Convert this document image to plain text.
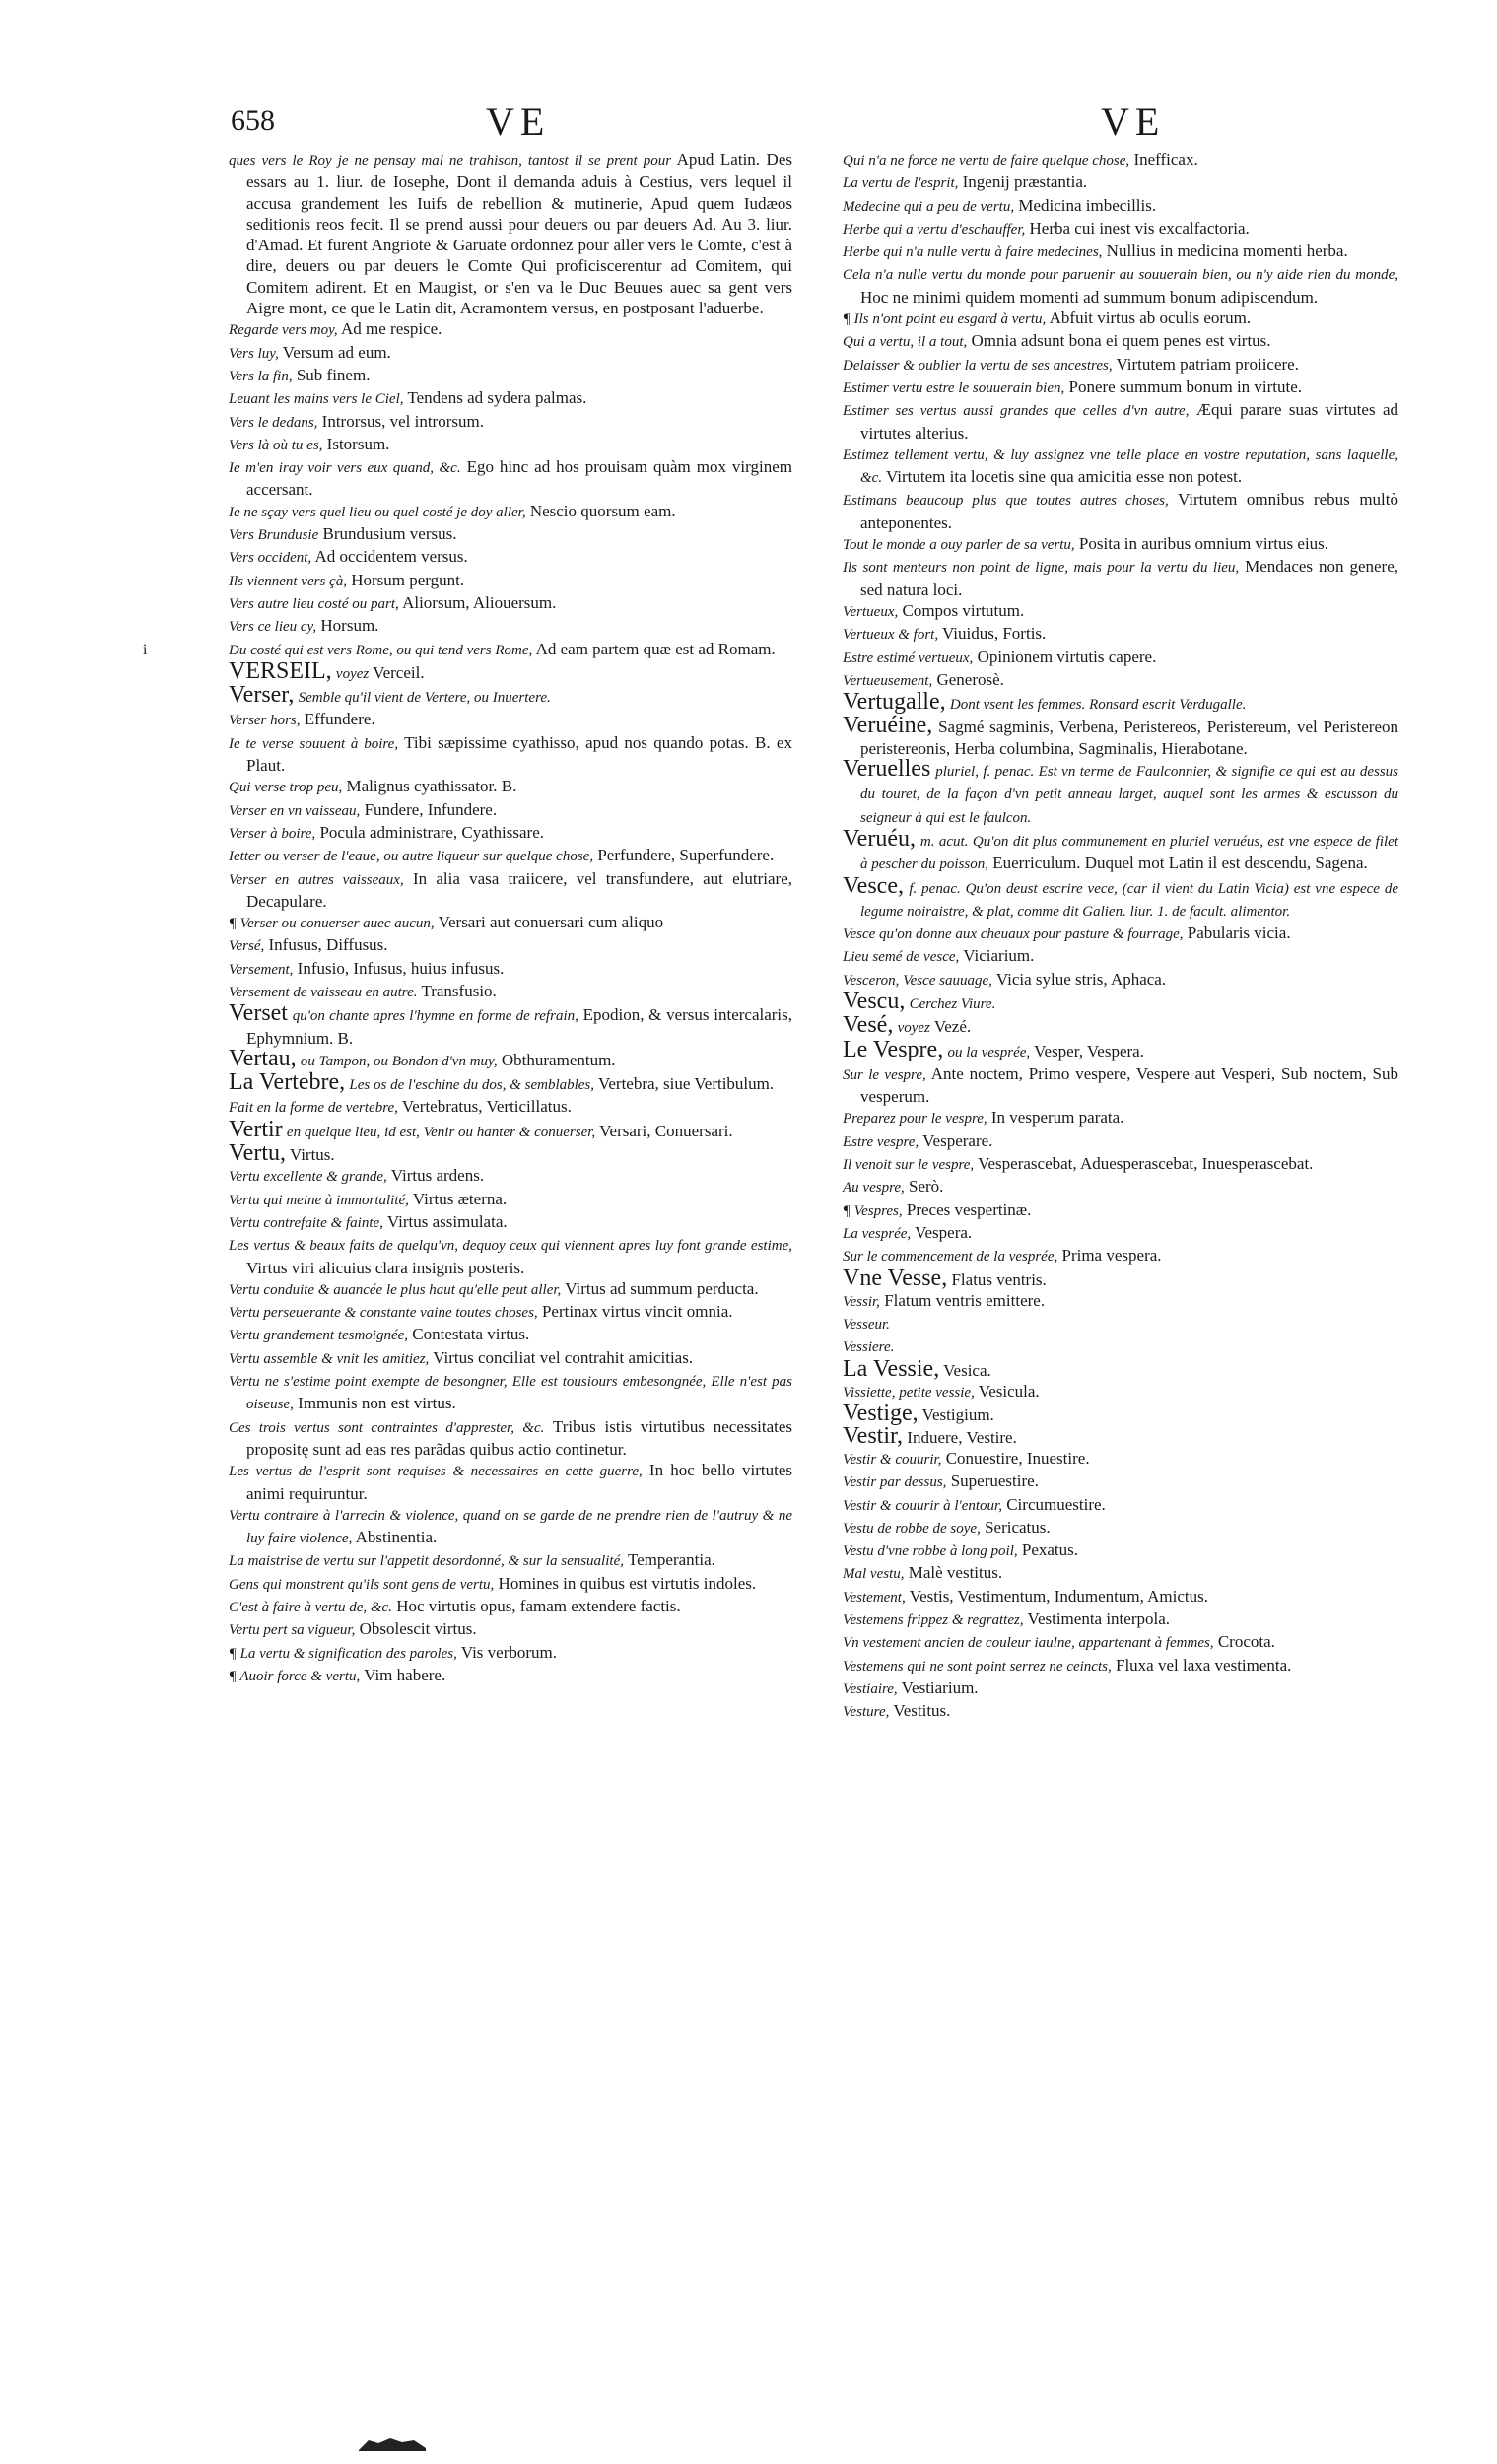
658	VE	VE
i

ques vers le Roy je ne pensay mal ne trahison, tantost il se prent pour Apud Latin. Des essars au 1. liur. de Iosephe, Dont il demanda aduis à Cestius, vers lequel il accusa grandement les Iuifs de rebellion & mutinerie, Apud quem Iudæos seditionis reos fecit. Il se prend aussi pour deuers ou par deuers Ad. Au 3. liur. d'Amad. Et furent Angriote & Garuate ordonnez pour aller vers le Comte, c'est à dire, deuers ou par deuers le Comte Qui proficiscerentur ad Comitem, qui Comitem adirent. Et en Maugist, or s'en va le Duc Beuues auec sa gent vers Aigre mont, ce que le Latin dit, Acramontem versus, en postposant l'aduerbe.

Regarde vers moy, Ad me respice.

Vers luy, Versum ad eum.

Vers la fin, Sub finem.

Leuant les mains vers le Ciel, Tendens ad sydera palmas.

Vers le dedans, Introrsus, vel introrsum.

Vers là où tu es, Istorsum.

Ie m'en iray voir vers eux quand, &c. Ego hinc ad hos prouisam quàm mox virginem accersant.

Ie ne sçay vers quel lieu ou quel costé je doy aller, Nescio quorsum eam.

Vers Brundusie Brundusium versus.

Vers occident, Ad occidentem versus.

Ils viennent vers çà, Horsum pergunt.

Vers autre lieu costé ou part, Aliorsum, Aliouersum.

Vers ce lieu cy, Horsum.

Du costé qui est vers Rome, ou qui tend vers Rome, Ad eam partem quæ est ad Romam.

VERSEIL, voyez Verceil.

Verser, Semble qu'il vient de Vertere, ou Inuertere.

Verser hors, Effundere.

Ie te verse souuent à boire, Tibi sæpissime cyathisso, apud nos quando potas. B. ex Plaut.

Qui verse trop peu, Malignus cyathissator. B.

Verser en vn vaisseau, Fundere, Infundere.

Verser à boire, Pocula administrare, Cyathissare.

Ietter ou verser de l'eaue, ou autre liqueur sur quelque chose, Perfundere, Superfundere.

Verser en autres vaisseaux, In alia vasa traiicere, vel transfundere, aut elutriare, Decapulare.

¶ Verser ou conuerser auec aucun, Versari aut conuersari cum aliquo

Versé, Infusus, Diffusus.

Versement, Infusio, Infusus, huius infusus.

Versement de vaisseau en autre. Transfusio.

Verset qu'on chante apres l'hymne en forme de refrain, Epodion, & versus intercalaris, Ephymnium. B.

Vertau, ou Tampon, ou Bondon d'vn muy, Obthuramentum.

La Vertebre, Les os de l'eschine du dos, & semblables, Vertebra, siue Vertibulum.

Fait en la forme de vertebre, Vertebratus, Verticillatus.

Vertir en quelque lieu, id est, Venir ou hanter & conuerser, Versari, Conuersari.

Vertu, Virtus.

Vertu excellente & grande, Virtus ardens.

Vertu qui meine à immortalité, Virtus æterna.

Vertu contrefaite & fainte, Virtus assimulata.

Les vertus & beaux faits de quelqu'vn, dequoy ceux qui viennent apres luy font grande estime, Virtus viri alicuius clara insignis posteris.

Vertu conduite & auancée le plus haut qu'elle peut aller, Virtus ad summum perducta.

Vertu perseuerante & constante vaine toutes choses, Pertinax virtus vincit omnia.

Vertu grandement tesmoignée, Contestata virtus.

Vertu assemble & vnit les amitiez, Virtus conciliat vel contrahit amicitias.

Vertu ne s'estime point exempte de besongner, Elle est tousiours embesongnée, Elle n'est pas oiseuse, Immunis non est virtus.

Ces trois vertus sont contraintes d'apprester, &c. Tribus istis virtutibus necessitates propositę sunt ad eas res parãdas quibus actio continetur.

Les vertus de l'esprit sont requises & necessaires en cette guerre, In hoc bello virtutes animi requiruntur.

Vertu contraire à l'arrecin & violence, quand on se garde de ne prendre rien de l'autruy & ne luy faire violence, Abstinentia.

La maistrise de vertu sur l'appetit desordonné, & sur la sensualité, Temperantia.

Gens qui monstrent qu'ils sont gens de vertu, Homines in quibus est virtutis indoles.

C'est à faire à vertu de, &c. Hoc virtutis opus, famam extendere factis.

Vertu pert sa vigueur, Obsolescit virtus.

¶ La vertu & signification des paroles, Vis verborum.

¶ Auoir force & vertu, Vim habere.

Qui n'a ne force ne vertu de faire quelque chose, Inefficax.

La vertu de l'esprit, Ingenij præstantia.

Medecine qui a peu de vertu, Medicina imbecillis.

Herbe qui a vertu d'eschauffer, Herba cui inest vis excalfactoria.

Herbe qui n'a nulle vertu à faire medecines, Nullius in medicina momenti herba.

Cela n'a nulle vertu du monde pour paruenir au souuerain bien, ou n'y aide rien du monde, Hoc ne minimi quidem momenti ad summum bonum adipiscendum.

¶ Ils n'ont point eu esgard à vertu, Abfuit virtus ab oculis eorum.

Qui a vertu, il a tout, Omnia adsunt bona ei quem penes est virtus.

Delaisser & oublier la vertu de ses ancestres, Virtutem patriam proiicere.

Estimer vertu estre le souuerain bien, Ponere summum bonum in virtute.

Estimer ses vertus aussi grandes que celles d'vn autre, Æqui parare suas virtutes ad virtutes alterius.

Estimez tellement vertu, & luy assignez vne telle place en vostre reputation, sans laquelle, &c. Virtutem ita locetis sine qua amicitia esse non potest.

Estimans beaucoup plus que toutes autres choses, Virtutem omnibus rebus multò anteponentes.

Tout le monde a ouy parler de sa vertu, Posita in auribus omnium virtus eius.

Ils sont menteurs non point de ligne, mais pour la vertu du lieu, Mendaces non genere, sed natura loci.

Vertueux, Compos virtutum.

Vertueux & fort, Viuidus, Fortis.

Estre estimé vertueux, Opinionem virtutis capere.

Vertueusement, Generosè.

Vertugalle, Dont vsent les femmes. Ronsard escrit Verdugalle.

Veruéine, Sagmé sagminis, Verbena, Peristereos, Peristereum, vel Peristereon peristereonis, Herba columbina, Sagminalis, Hierabotane.

Veruelles pluriel, f. penac. Est vn terme de Faulconnier, & signifie ce qui est au dessus du touret, de la façon d'vn petit anneau larget, auquel sont les armes & escusson du seigneur à qui est le faulcon.

Veruéu, m. acut. Qu'on dit plus communement en pluriel veruéus, est vne espece de filet à pescher du poisson, Euerriculum. Duquel mot Latin il est descendu, Sagena.

Vesce, f. penac. Qu'on deust escrire vece, (car il vient du Latin Vicia) est vne espece de legume noiraistre, & plat, comme dit Galien. liur. 1. de facult. alimentor.

Vesce qu'on donne aux cheuaux pour pasture & fourrage, Pabularis vicia.

Lieu semé de vesce, Viciarium.

Vesceron, Vesce sauuage, Vicia sylue stris, Aphaca.

Vescu, Cerchez Viure.

Vesé, voyez Vezé.

Le Vespre, ou la vesprée, Vesper, Vespera.

Sur le vespre, Ante noctem, Primo vespere, Vespere aut Vesperi, Sub noctem, Sub vesperum.

Preparez pour le vespre, In vesperum parata.

Estre vespre, Vesperare.

Il venoit sur le vespre, Vesperascebat, Aduesperascebat, Inuesperascebat.

Au vespre, Serò.

¶ Vespres, Preces vespertinæ.

La vesprée, Vespera.

Sur le commencement de la vesprée, Prima vespera.

Vne Vesse, Flatus ventris.

Vessir, Flatum ventris emittere.

Vesseur.

Vessiere.

La Vessie, Vesica.

Vissiette, petite vessie, Vesicula.

Vestige, Vestigium.

Vestir, Induere, Vestire.

Vestir & couurir, Conuestire, Inuestire.

Vestir par dessus, Superuestire.

Vestir & couurir à l'entour, Circumuestire.

Vestu de robbe de soye, Sericatus.

Vestu d'vne robbe à long poil, Pexatus.

Mal vestu, Malè vestitus.

Vestement, Vestis, Vestimentum, Indumentum, Amictus.

Vestemens frippez & regrattez, Vestimenta interpola.

Vn vestement ancien de couleur iaulne, appartenant à femmes, Crocota.

Vestemens qui ne sont point serrez ne ceincts, Fluxa vel laxa vestimenta.

Vestiaire, Vestiarium.

Vesture, Vestitus.
